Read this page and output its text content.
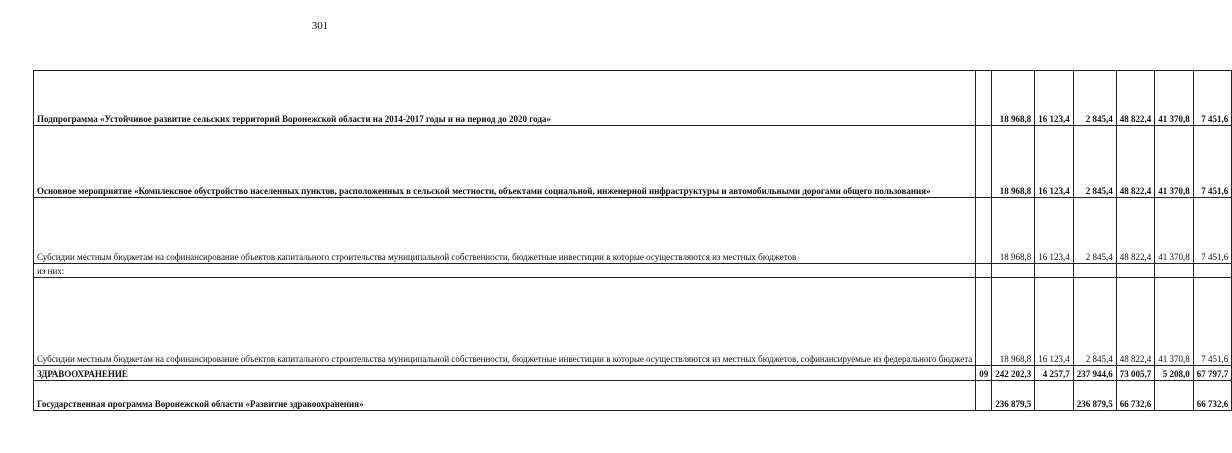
301
Подпрограмма «Устойчивое развитие сельских территорий Воронежской области на 2014-2017 годы и на период до 2020 года»		18 968,8	16 123,4	2 845,4	48 822,4	41 370,8	7 451,6
Основное мероприятие «Комплексное обустройство населенных пунктов, расположенных в сельской местности, объектами социальной, инженерной инфраструктуры и автомобильными дорогами общего пользования»		18 968,8	16 123,4	2 845,4	48 822,4	41 370,8	7 451,6
Субсидии местным бюджетам на софинансирование объектов капитального строительства муниципальной собственности, бюджетные инвестиции в которые осуществляются из местных бюджетов		18 968,8	16 123,4	2 845,4	48 822,4	41 370,8	7 451,6
из них:							
Субсидии местным бюджетам на софинансирование объектов капитального строительства муниципальной собственности, бюджетные инвестиции в которые осуществляются из местных бюджетов, софинансируемые из федерального бюджета		18 968,8	16 123,4	2 845,4	48 822,4	41 370,8	7 451,6
ЗДРАВООХРАНЕНИЕ	09	242 202,3	4 257,7	237 944,6	73 005,7	5 208,0	67 797,7
Государственная программа Воронежской области «Развитие здравоохранения»		236 879,5		236 879,5	66 732,6		66 732,6
